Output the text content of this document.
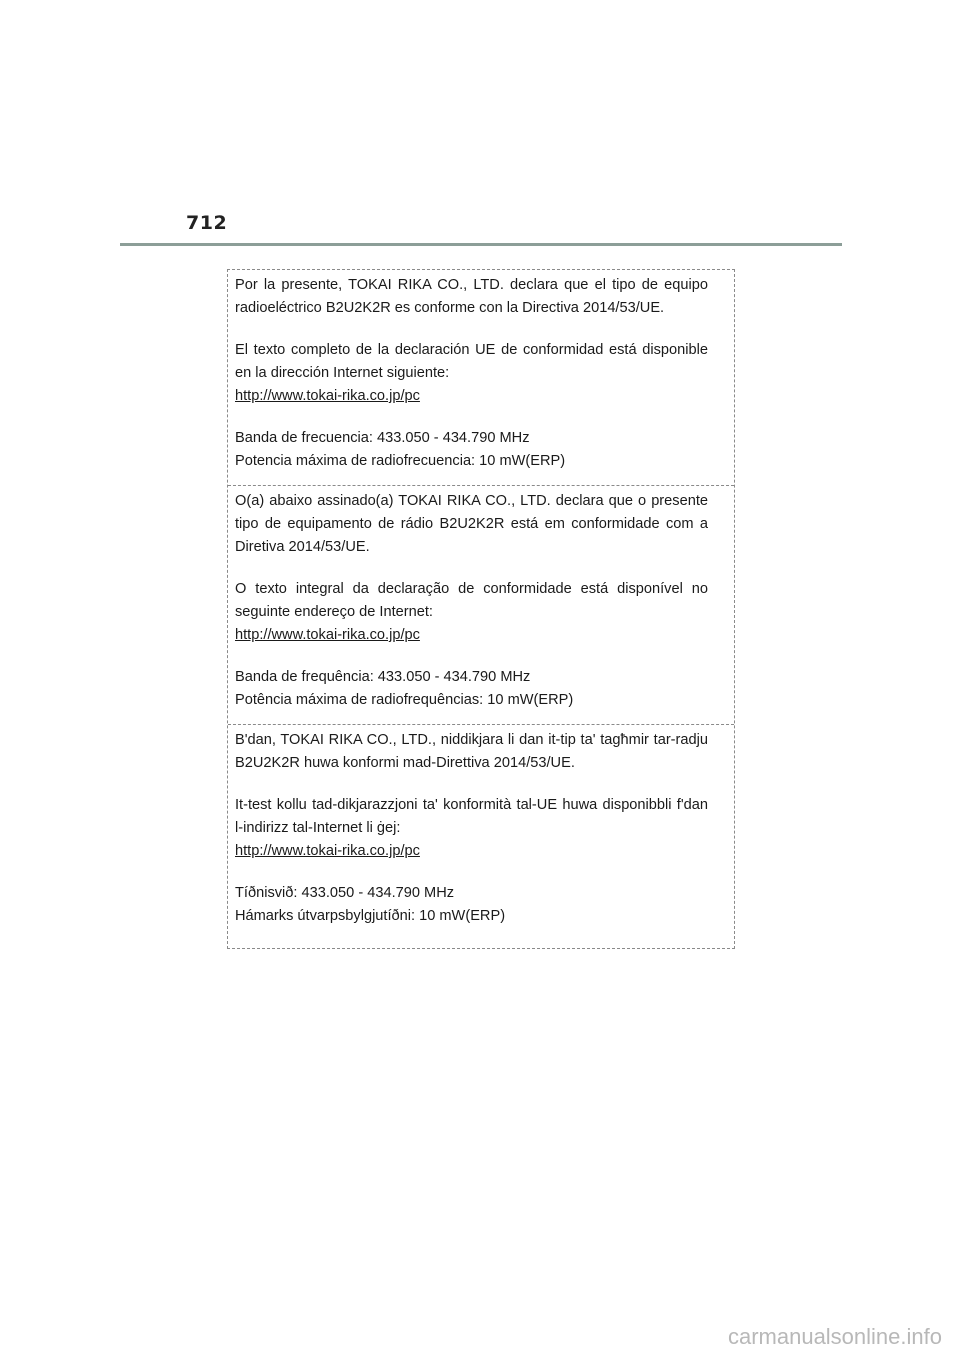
712

Por la presente, TOKAI RIKA CO., LTD. declara que el tipo de equipo radioeléctrico B2U2K2R es conforme con la Directiva 2014/53/UE.

El texto completo de la declaración UE de conformidad está disponible en la dirección Internet siguiente:
http://www.tokai-rika.co.jp/pc

Banda de frecuencia: 433.050 - 434.790 MHz
Potencia máxima de radiofrecuencia: 10 mW(ERP)

O(a) abaixo assinado(a) TOKAI RIKA CO., LTD. declara que o presente tipo de equipamento de rádio B2U2K2R está em conformidade com a Diretiva 2014/53/UE.

O texto integral da declaração de conformidade está disponível no seguinte endereço de Internet:
http://www.tokai-rika.co.jp/pc

Banda de frequência: 433.050 - 434.790 MHz
Potência máxima de radiofrequências: 10 mW(ERP)

B'dan, TOKAI RIKA CO., LTD., niddikjara li dan it-tip ta' tagħmir tar-radju B2U2K2R huwa konformi mad-Direttiva 2014/53/UE.

It-test kollu tad-dikjarazzjoni ta' konformità tal-UE huwa disponibbli f'dan l-indirizz tal-Internet li ġej:
http://www.tokai-rika.co.jp/pc

Tíðnisvið: 433.050 - 434.790 MHz
Hámarks útvarpsbylgjutíðni: 10 mW(ERP)
carmanualsonline.info
